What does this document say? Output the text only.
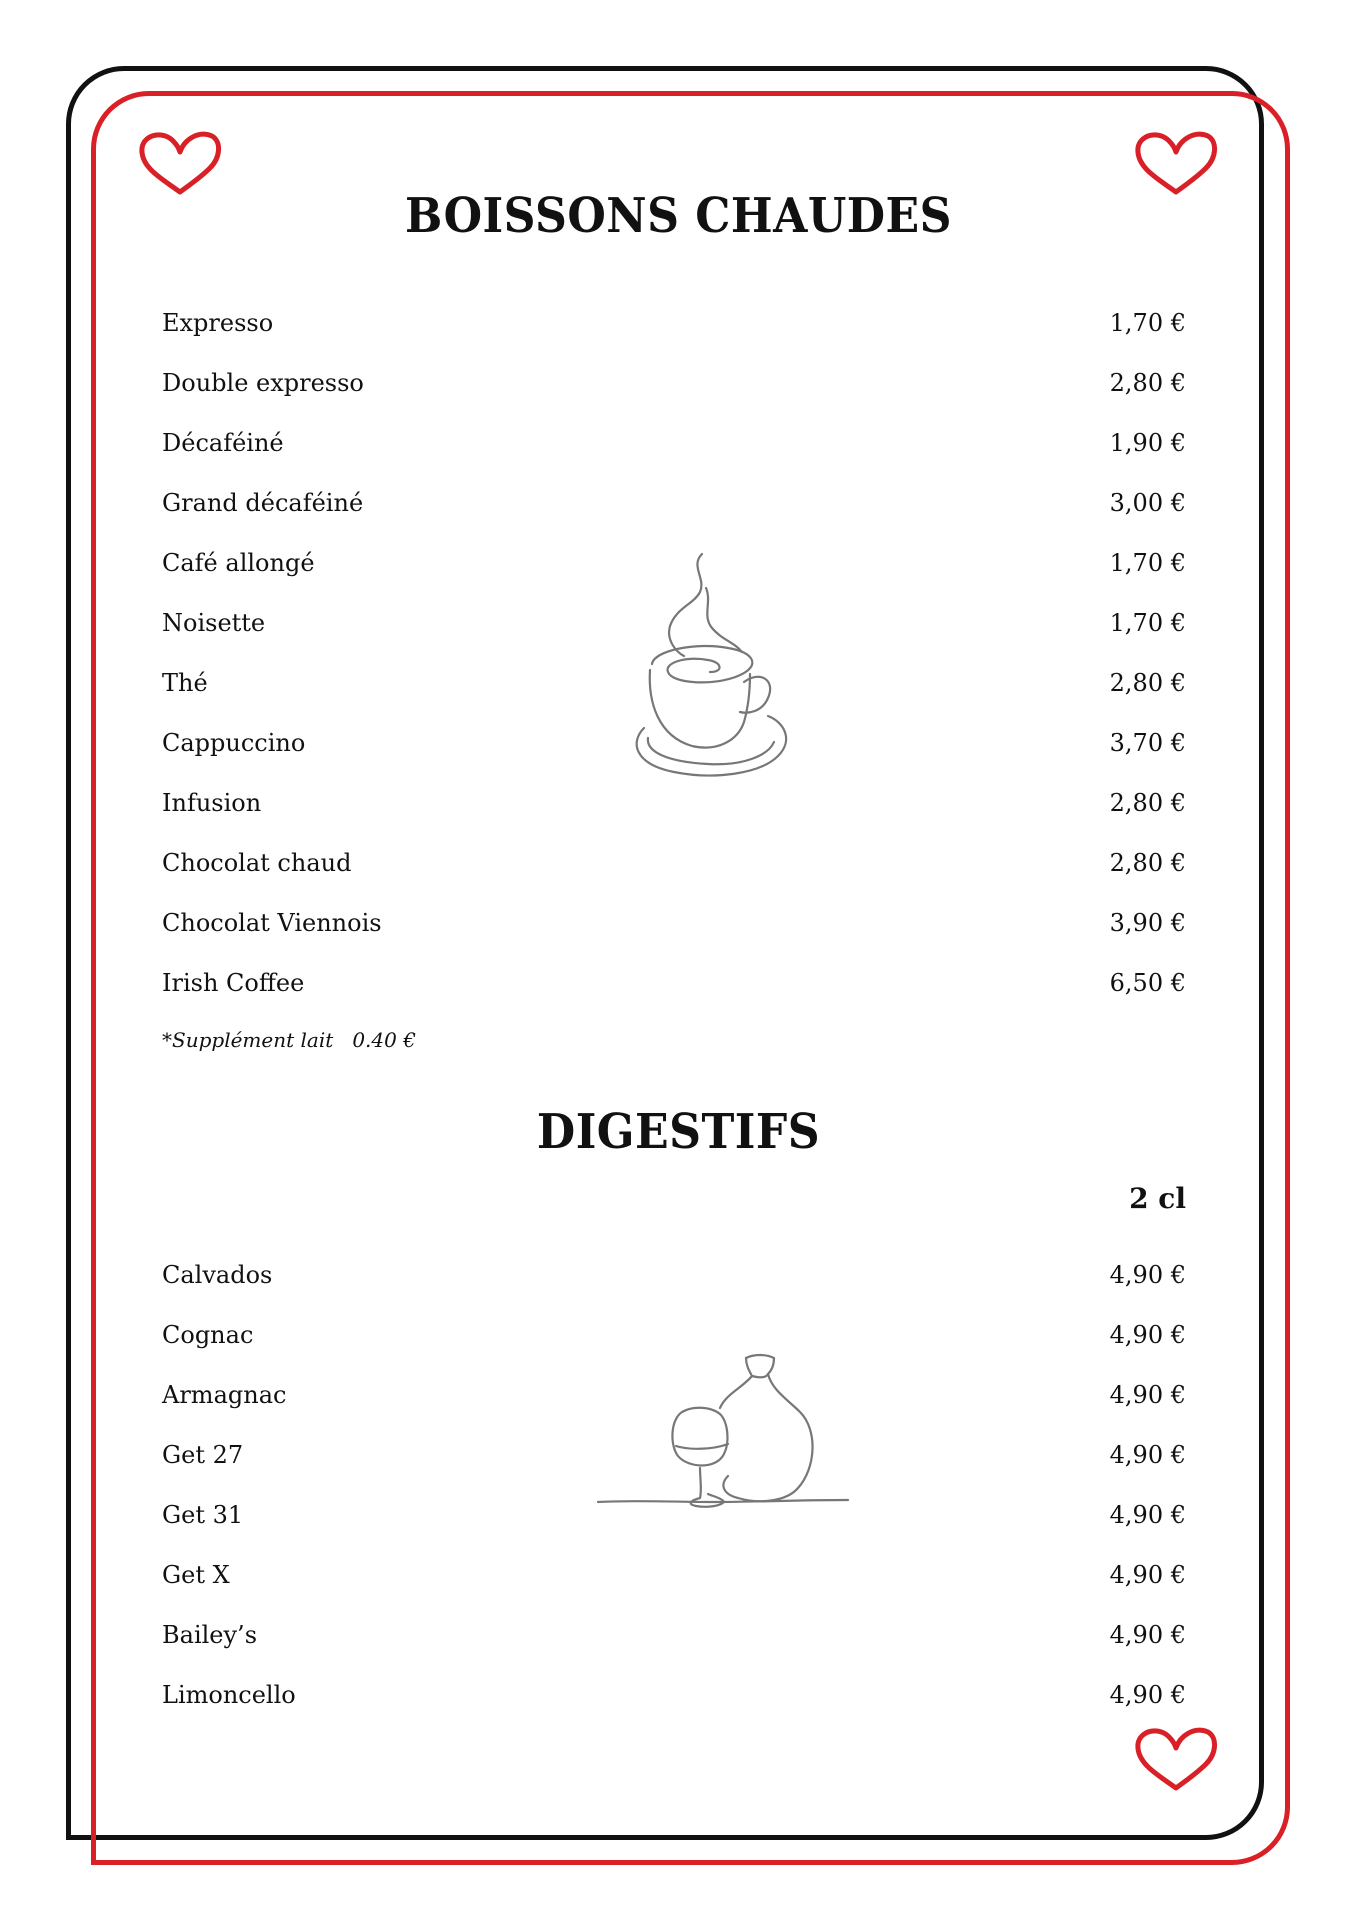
BOISSONS CHAUDES
Expresso	1,70 €
Double expresso	2,80 €
Décaféiné	1,90 €
Grand décaféiné	3,00 €
Café allongé	1,70 €
Noisette	1,70 €
Thé	2,80 €
Cappuccino	3,70 €
Infusion	2,80 €
Chocolat chaud	2,80 €
Chocolat Viennois	3,90 €
Irish Coffee	6,50 €
*Supplément lait   0.40 €
DIGESTIFS
2 cl
Calvados	4,90 €
Cognac	4,90 €
Armagnac	4,90 €
Get 27	4,90 €
Get 31	4,90 €
Get X	4,90 €
Bailey’s	4,90 €
Limoncello	4,90 €
